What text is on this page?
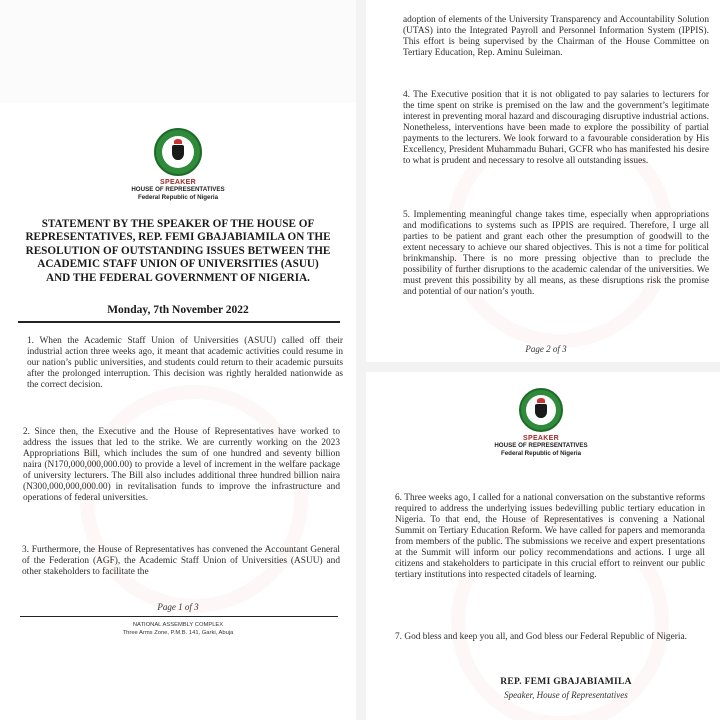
SPEAKER
HOUSE OF REPRESENTATIVES
Federal Republic of Nigeria
STATEMENT BY THE SPEAKER OF THE HOUSE OF
REPRESENTATIVES, REP. FEMI GBAJABIAMILA ON THE
RESOLUTION OF OUTSTANDING ISSUES BETWEEN THE
ACADEMIC STAFF UNION OF UNIVERSITIES (ASUU)
AND THE FEDERAL GOVERNMENT OF NIGERIA.
Monday, 7th November 2022

1. When the Academic Staff Union of Universities (ASUU) called off their industrial action three weeks ago, it meant that academic activities could resume in our nation’s public universities, and students could return to their academic pursuits after the prolonged interruption. This decision was rightly heralded nationwide as the correct decision.

2. Since then, the Executive and the House of Representatives have worked to address the issues that led to the strike. We are currently working on the 2023 Appropriations Bill, which includes the sum of one hundred and seventy billion naira (N170,000,000,000.00) to provide a level of increment in the welfare package of university lecturers. The Bill also includes additional three hundred billion naira (N300,000,000,000.00) in revitalisation funds to improve the infrastructure and operations of federal universities.

3. Furthermore, the House of Representatives has convened the Accountant General of the Federation (AGF), the Academic Staff Union of Universities (ASUU) and other stakeholders to facilitate the

Page 1 of 3
NATIONAL ASSEMBLY COMPLEX
Three Arms Zone, P.M.B. 141, Garki, Abuja

adoption of elements of the University Transparency and Accountability Solution (UTAS) into the Integrated Payroll and Personnel Information System (IPPIS). This effort is being supervised by the Chairman of the House Committee on Tertiary Education, Rep. Aminu Suleiman.

4. The Executive position that it is not obligated to pay salaries to lecturers for the time spent on strike is premised on the law and the government’s legitimate interest in preventing moral hazard and discouraging disruptive industrial actions. Nonetheless, interventions have been made to explore the possibility of partial payments to the lecturers. We look forward to a favourable consideration by His Excellency, President Muhammadu Buhari, GCFR who has manifested his desire to what is prudent and necessary to resolve all outstanding issues.

5. Implementing meaningful change takes time, especially when appropriations and modifications to systems such as IPPIS are required. Therefore, I urge all parties to be patient and grant each other the presumption of goodwill to the extent necessary to achieve our shared objectives. This is not a time for political brinkmanship. There is no more pressing objective than to preclude the possibility of further disruptions to the academic calendar of the universities. We must prevent this possibility by all means, as these disruptions risk the promise and potential of our nation’s youth.

Page 2 of 3
SPEAKER
HOUSE OF REPRESENTATIVES
Federal Republic of Nigeria

6. Three weeks ago, I called for a national conversation on the substantive reforms required to address the underlying issues bedevilling public tertiary education in Nigeria. To that end, the House of Representatives is convening a National Summit on Tertiary Education Reform. We have called for papers and memoranda from members of the public. The submissions we receive and expert presentations at the Summit will inform our policy recommendations and actions. I urge all citizens and stakeholders to participate in this crucial effort to reinvent our public tertiary institutions into respected citadels of learning.

7. God bless and keep you all, and God bless our Federal Republic of Nigeria.

REP. FEMI GBAJABIAMILA
Speaker, House of Representatives
